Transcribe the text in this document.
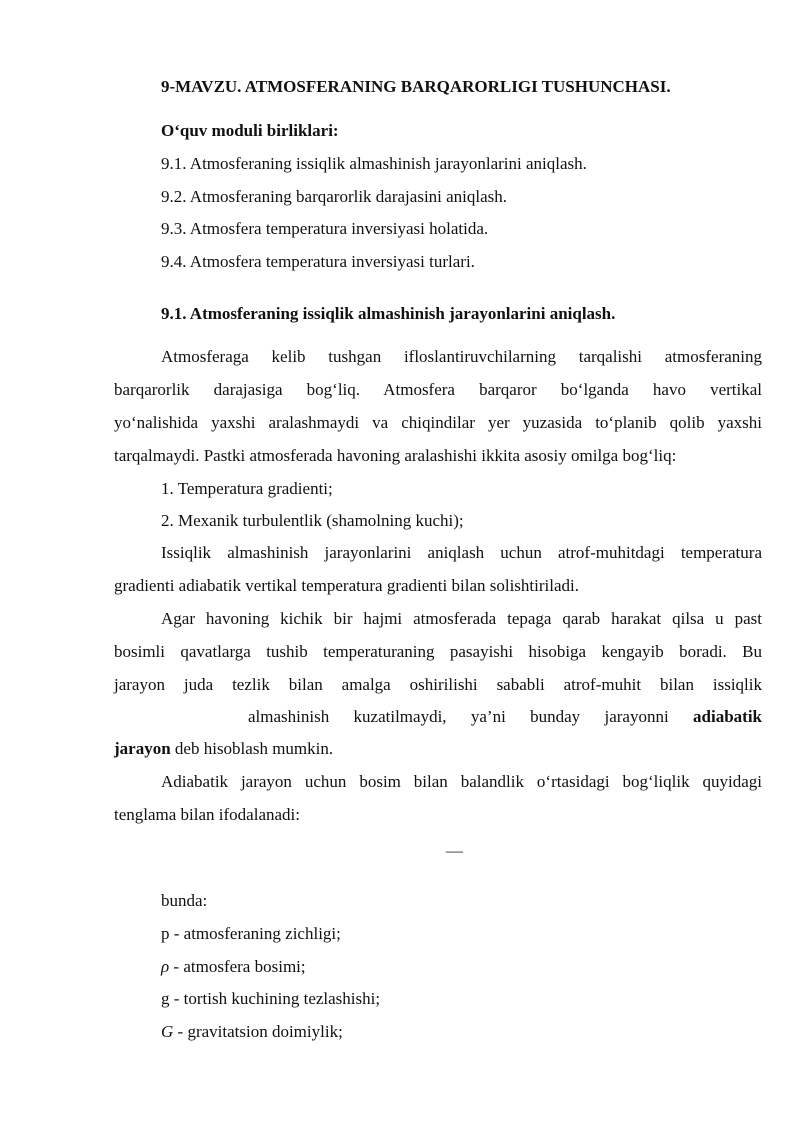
9-MAVZU. ATMOSFERANING BARQARORLIGI TUSHUNCHASI.
O‘quv moduli birliklari:
9.1. Atmosferaning issiqlik almashinish jarayonlarini aniqlash.
9.2. Atmosferaning barqarorlik darajasini aniqlash.
9.3. Atmosfera temperatura inversiyasi holatida.
9.4. Atmosfera temperatura inversiyasi turlari.
9.1. Atmosferaning issiqlik almashinish jarayonlarini aniqlash.
Atmosferaga kelib tushgan ifloslantiruvchilarning tarqalishi atmosferaning
barqarorlik darajasiga bog‘liq. Atmosfera barqaror bo‘lganda havo vertikal
yo‘nalishida yaxshi aralashmaydi va chiqindilar yer yuzasida to‘planib qolib yaxshi
tarqalmaydi. Pastki atmosferada havoning aralashishi ikkita asosiy omilga bog‘liq:
1. Temperatura gradienti;
2. Mexanik turbulentlik (shamolning kuchi);
Issiqlik almashinish jarayonlarini aniqlash uchun atrof-muhitdagi temperatura
gradienti adiabatik vertikal temperatura gradienti bilan solishtiriladi.
Agar havoning kichik bir hajmi atmosferada tepaga qarab harakat qilsa u past
bosimli qavatlarga tushib temperaturaning pasayishi hisobiga kengayib boradi. Bu
jarayon juda tezlik bilan amalga oshirilishi sababli atrof-muhit bilan issiqlik
almashinish kuzatilmaydi, ya’ni bunday jarayonni adiabatik
jarayon deb hisoblash mumkin.
Adiabatik jarayon uchun bosim bilan balandlik o‘rtasidagi bog‘liqlik quyidagi
tenglama bilan ifodalanadi:
—
bunda:
p - atmosferaning zichligi;
ρ - atmosfera bosimi;
g - tortish kuchining tezlashishi;
G - gravitatsion doimiylik;
